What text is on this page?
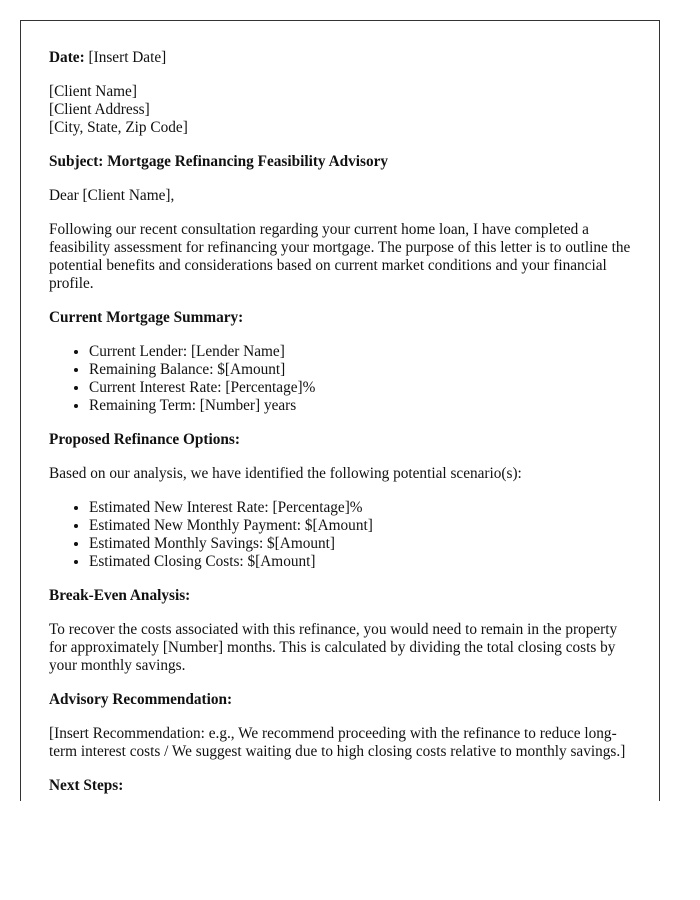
Date: [Insert Date]

[Client Name]
[Client Address]
[City, State, Zip Code]

Subject: Mortgage Refinancing Feasibility Advisory

Dear [Client Name],

Following our recent consultation regarding your current home loan, I have completed a feasibility assessment for refinancing your mortgage. The purpose of this letter is to outline the potential benefits and considerations based on current market conditions and your financial profile.

Current Mortgage Summary:

• Current Lender: [Lender Name]
• Remaining Balance: $[Amount]
• Current Interest Rate: [Percentage]%
• Remaining Term: [Number] years

Proposed Refinance Options:

Based on our analysis, we have identified the following potential scenario(s):

• Estimated New Interest Rate: [Percentage]%
• Estimated New Monthly Payment: $[Amount]
• Estimated Monthly Savings: $[Amount]
• Estimated Closing Costs: $[Amount]

Break-Even Analysis:

To recover the costs associated with this refinance, you would need to remain in the property for approximately [Number] months. This is calculated by dividing the total closing costs by your monthly savings.

Advisory Recommendation:

[Insert Recommendation: e.g., We recommend proceeding with the refinance to reduce long-term interest costs / We suggest waiting due to high closing costs relative to monthly savings.]

Next Steps:
